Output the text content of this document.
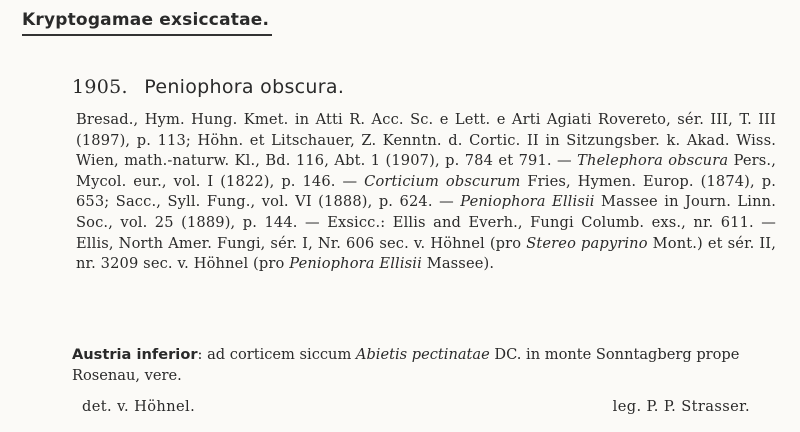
Kryptogamae exsiccatae.
1905. Peniophora obscura.
Bresad., Hym. Hung. Kmet. in Atti R. Acc. Sc. e Lett. e Arti Agiati Rovereto, sér. III, T. III (1897), p. 113; Höhn. et Litschauer, Z. Kenntn. d. Cortic. II in Sitzungsber. k. Akad. Wiss. Wien, math.-naturw. Kl., Bd. 116, Abt. 1 (1907), p. 784 et 791. — Thelephora obscura Pers., Mycol. eur., vol. I (1822), p. 146. — Corticium obscurum Fries, Hymen. Europ. (1874), p. 653; Sacc., Syll. Fung., vol. VI (1888), p. 624. — Peniophora Ellisii Massee in Journ. Linn. Soc., vol. 25 (1889), p. 144. — Exsicc.: Ellis and Everh., Fungi Columb. exs., nr. 611. — Ellis, North Amer. Fungi, sér. I, Nr. 606 sec. v. Höhnel (pro Stereo papyrino Mont.) et sér. II, nr. 3209 sec. v. Höhnel (pro Peniophora Ellisii Massee).
Austria inferior: ad corticem siccum Abietis pectinatae DC. in monte Sonntagberg prope Rosenau, vere.
det. v. Höhnel.	leg. P. P. Strasser.
